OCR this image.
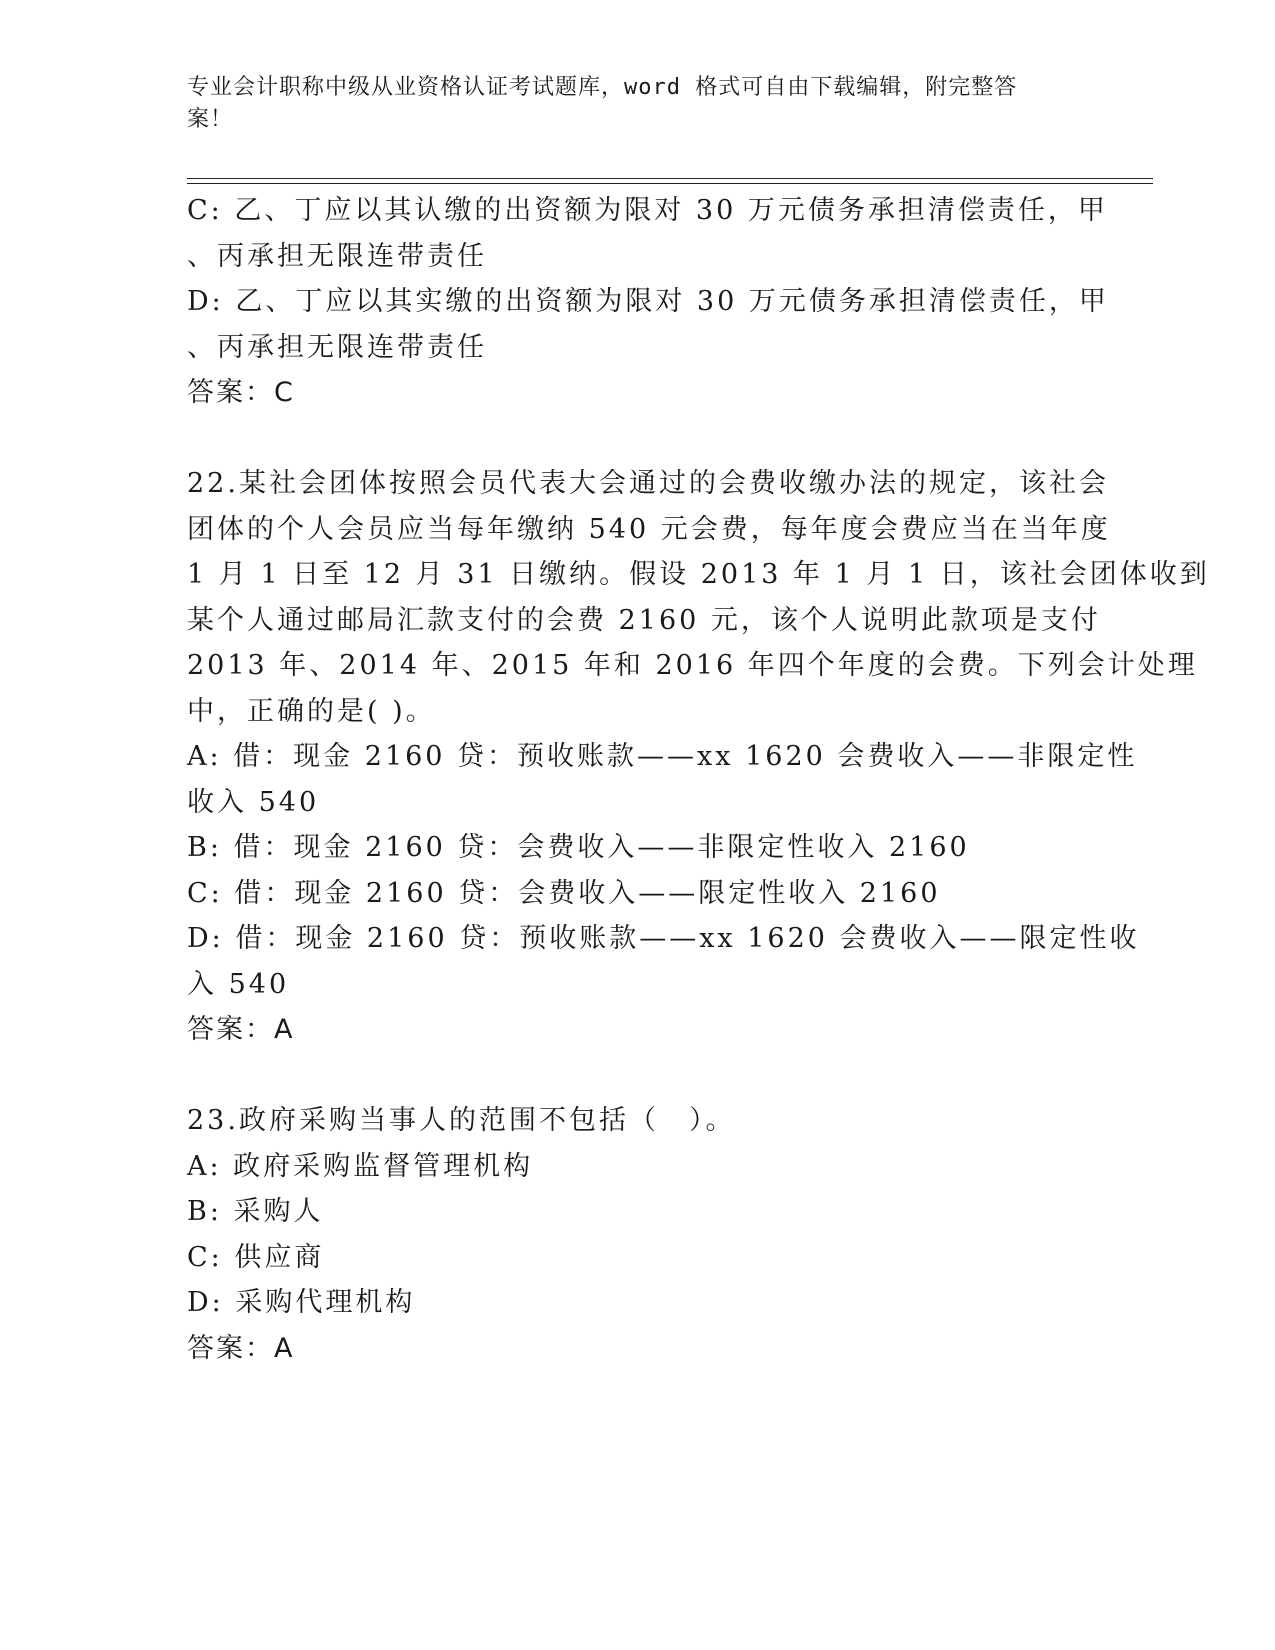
专业会计职称中级从业资格认证考试题库，word 格式可自由下载编辑，附完整答
案！
C: 乙、丁应以其认缴的出资额为限对 30 万元债务承担清偿责任，甲
、丙承担无限连带责任
D: 乙、丁应以其实缴的出资额为限对 30 万元债务承担清偿责任，甲
、丙承担无限连带责任
答案：C
22.某社会团体按照会员代表大会通过的会费收缴办法的规定，该社会
团体的个人会员应当每年缴纳 540 元会费，每年度会费应当在当年度
1 月 1 日至 12 月 31 日缴纳。假设 2013 年 1 月 1 日，该社会团体收到
某个人通过邮局汇款支付的会费 2160 元，该个人说明此款项是支付
2013 年、2014 年、2015 年和 2016 年四个年度的会费。下列会计处理
中，正确的是( )。
A: 借：现金 2160 贷：预收账款——xx 1620 会费收入——非限定性
收入 540
B: 借：现金 2160 贷：会费收入——非限定性收入 2160
C: 借：现金 2160 贷：会费收入——限定性收入 2160
D: 借：现金 2160 贷：预收账款——xx 1620 会费收入——限定性收
入 540
答案：A
23.政府采购当事人的范围不包括（　）。
A: 政府采购监督管理机构
B: 采购人
C: 供应商
D: 采购代理机构
答案：A
